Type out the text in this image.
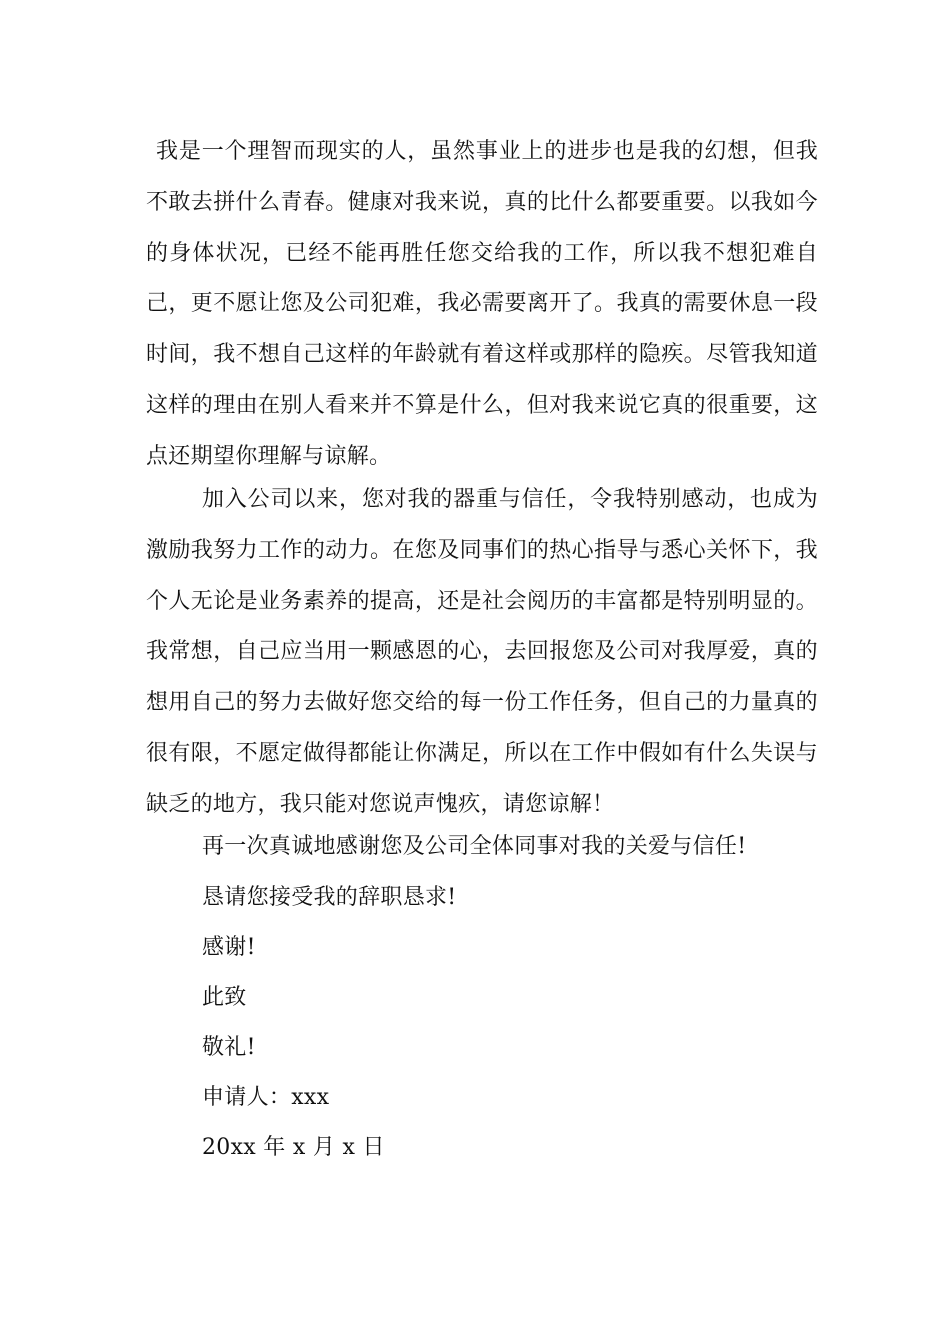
我是一个理智而现实的人，虽然事业上的进步也是我的幻想，但我不敢去拼什么青春。健康对我来说，真的比什么都要重要。以我如今的身体状况，已经不能再胜任您交给我的工作，所以我不想犯难自己，更不愿让您及公司犯难，我必需要离开了。我真的需要休息一段时间，我不想自己这样的年龄就有着这样或那样的隐疾。尽管我知道这样的理由在别人看来并不算是什么，但对我来说它真的很重要，这点还期望你理解与谅解。

加入公司以来，您对我的器重与信任，令我特别感动，也成为激励我努力工作的动力。在您及同事们的热心指导与悉心关怀下，我个人无论是业务素养的提高，还是社会阅历的丰富都是特别明显的。我常想，自己应当用一颗感恩的心，去回报您及公司对我厚爱，真的想用自己的努力去做好您交给的每一份工作任务，但自己的力量真的很有限，不愿定做得都能让你满足，所以在工作中假如有什么失误与缺乏的地方，我只能对您说声愧疚，请您谅解！

再一次真诚地感谢您及公司全体同事对我的关爱与信任!

恳请您接受我的辞职恳求!

感谢!

此致

敬礼!

申请人：xxx

20xx 年 x 月 x 日
